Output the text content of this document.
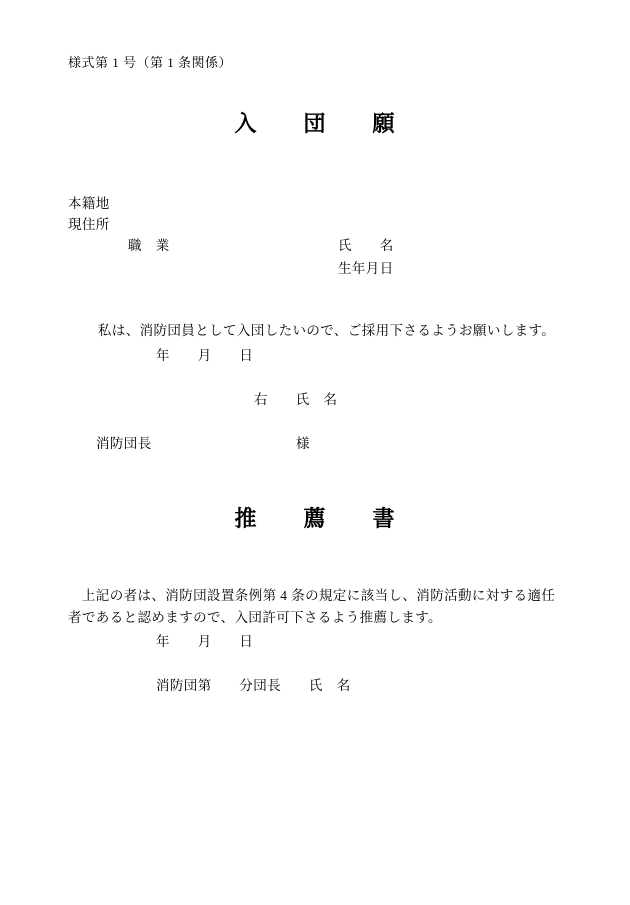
様式第 1 号（第 1 条関係）
入　　団　　願
本籍地
現住所
職　業	氏　　名
生年月日
　私は、消防団員として入団したいので、ご採用下さるようお願いします。
年　　月　　日
右　　氏　名
消防団長	様
推　　薦　　書
　上記の者は、消防団設置条例第 4 条の規定に該当し、消防活動に対する適任者であると認めますので、入団許可下さるよう推薦します。
年　　月　　日
消防団第　　分団長　　氏　名
